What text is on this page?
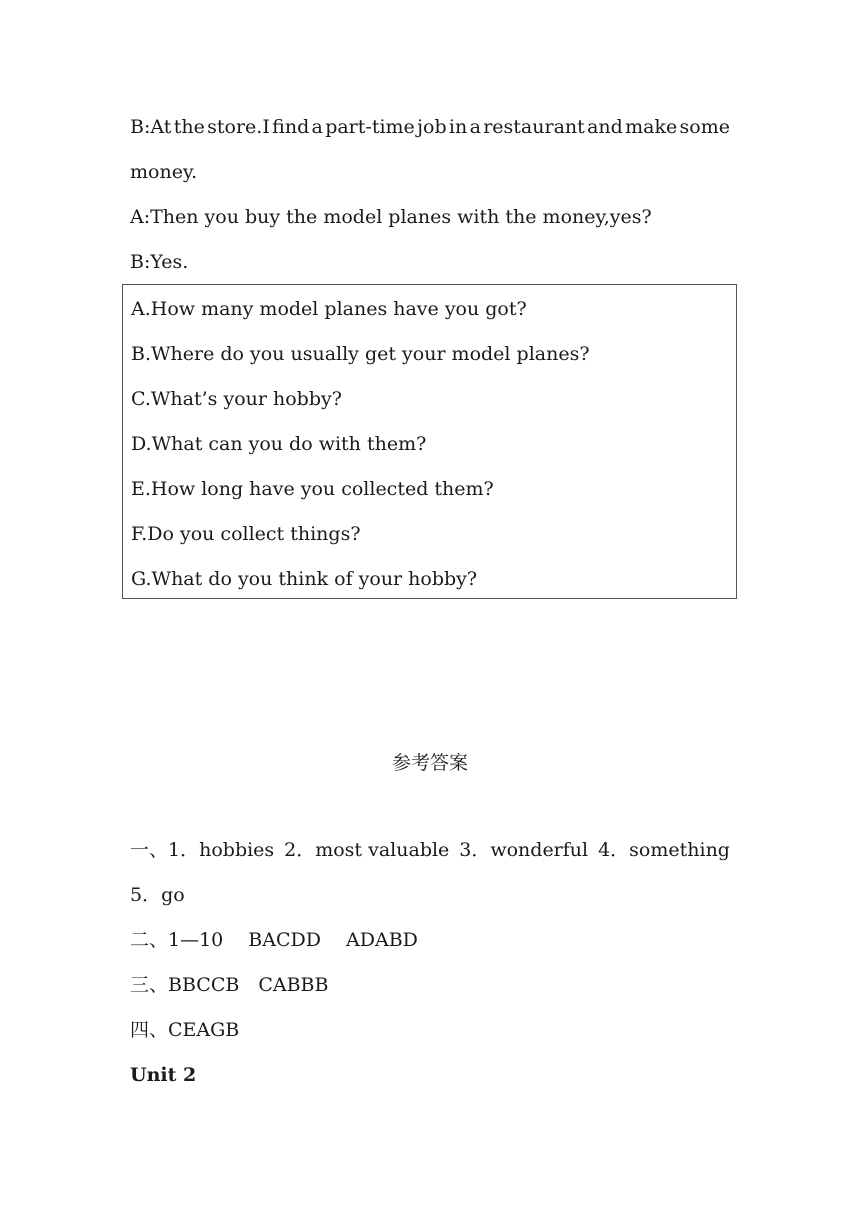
B:At the store.I find a part-time job in a restaurant and make some
money.
A:Then you buy the model planes with the money,yes?
B:Yes.
A.How many model planes have you got?
B.Where do you usually get your model planes?
C.What’s your hobby?
D.What can you do with them?
E.How long have you collected them?
F.Do you collect things?
G.What do you think of your hobby?
参考答案
一、1．hobbies 2．most valuable 3．wonderful 4．something
5．go
二、1—10　 BACDD　 ADABD
三、BBCCB　CABBB
四、CEAGB
Unit 2
